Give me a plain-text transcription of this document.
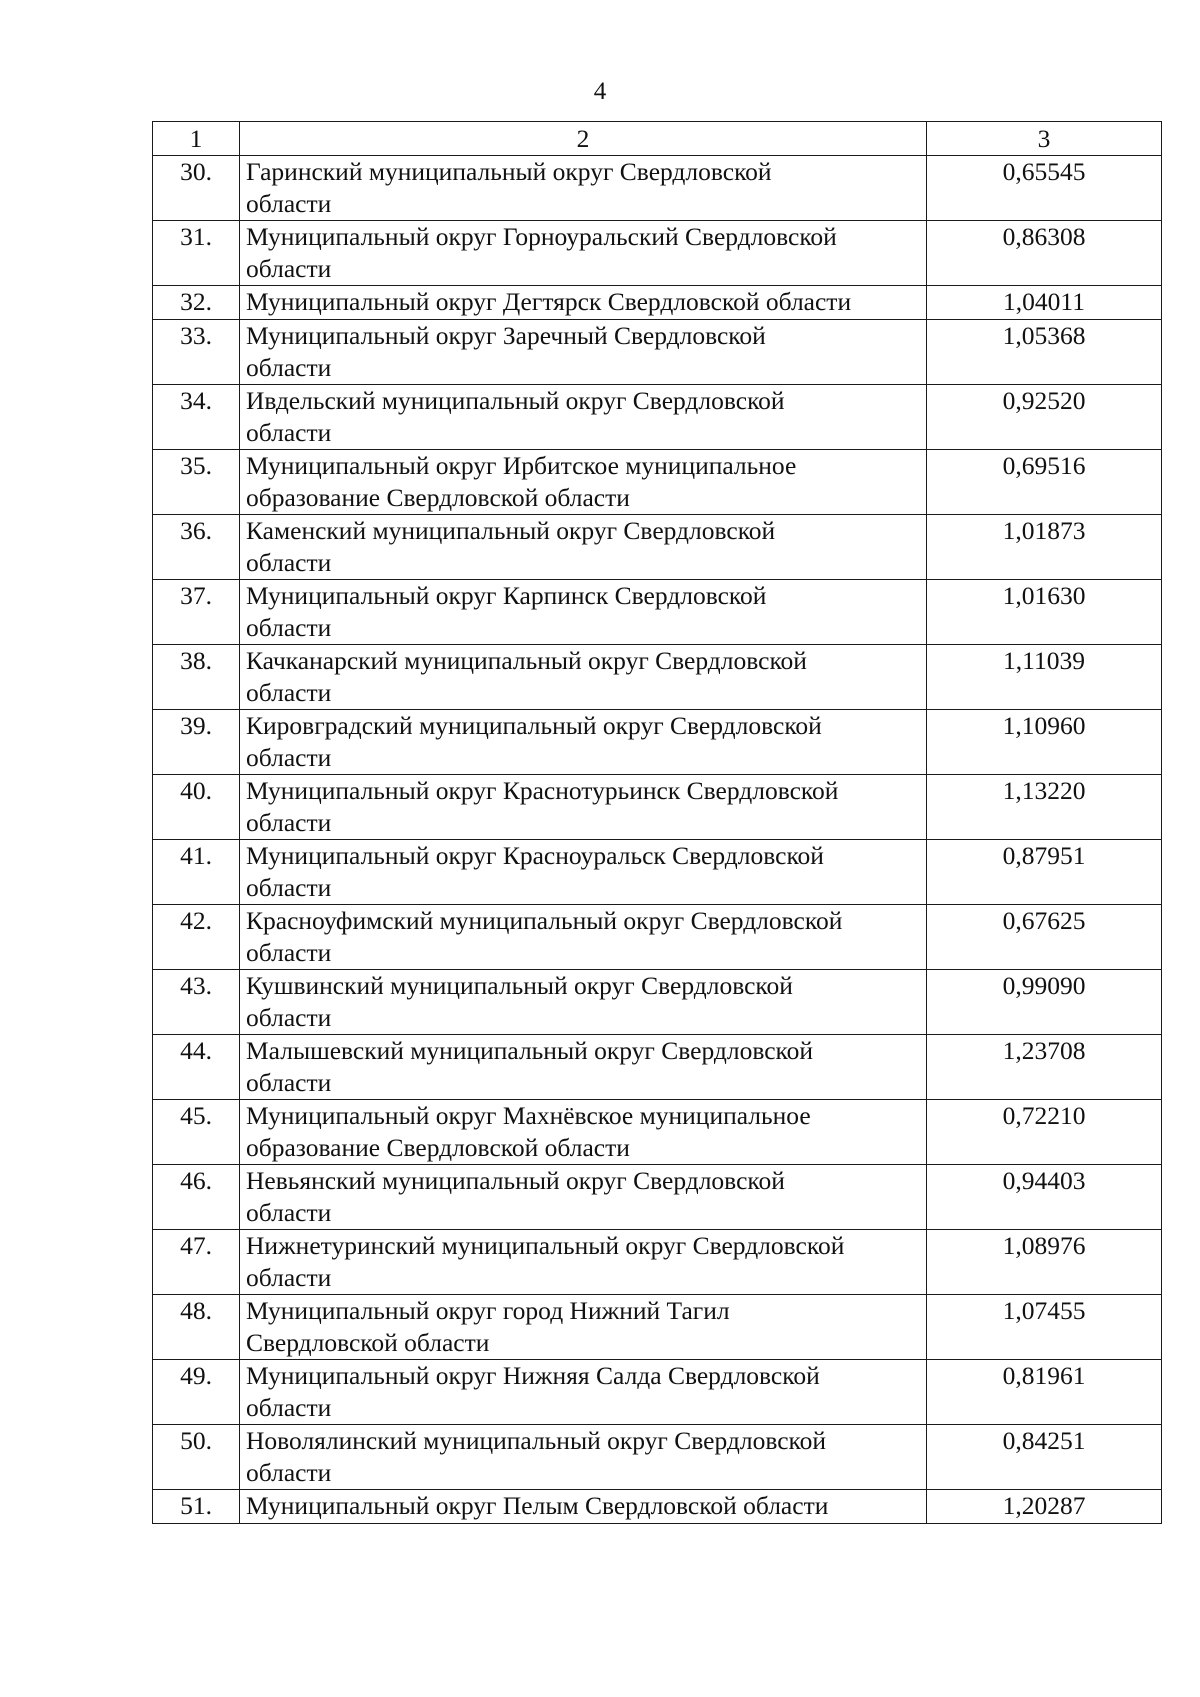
4
1	2	3
30.	Гаринский муниципальный округ Свердловской
области	0,65545
31.	Муниципальный округ Горноуральский Свердловской
области	0,86308
32.	Муниципальный округ Дегтярск Свердловской области	1,04011
33.	Муниципальный округ Заречный Свердловской
области	1,05368
34.	Ивдельский муниципальный округ Свердловской
области	0,92520
35.	Муниципальный округ Ирбитское муниципальное
образование Свердловской области	0,69516
36.	Каменский муниципальный округ Свердловской
области	1,01873
37.	Муниципальный округ Карпинск Свердловской
области	1,01630
38.	Качканарский муниципальный округ Свердловской
области	1,11039
39.	Кировградский муниципальный округ Свердловской
области	1,10960
40.	Муниципальный округ Краснотурьинск Свердловской
области	1,13220
41.	Муниципальный округ Красноуральск Свердловской
области	0,87951
42.	Красноуфимский муниципальный округ Свердловской
области	0,67625
43.	Кушвинский муниципальный округ Свердловской
области	0,99090
44.	Малышевский муниципальный округ Свердловской
области	1,23708
45.	Муниципальный округ Махнёвское муниципальное
образование Свердловской области	0,72210
46.	Невьянский муниципальный округ Свердловской
области	0,94403
47.	Нижнетуринский муниципальный округ Свердловской
области	1,08976
48.	Муниципальный округ город Нижний Тагил
Свердловской области	1,07455
49.	Муниципальный округ Нижняя Салда Свердловской
области	0,81961
50.	Новолялинский муниципальный округ Свердловской
области	0,84251
51.	Муниципальный округ Пелым Свердловской области	1,20287
